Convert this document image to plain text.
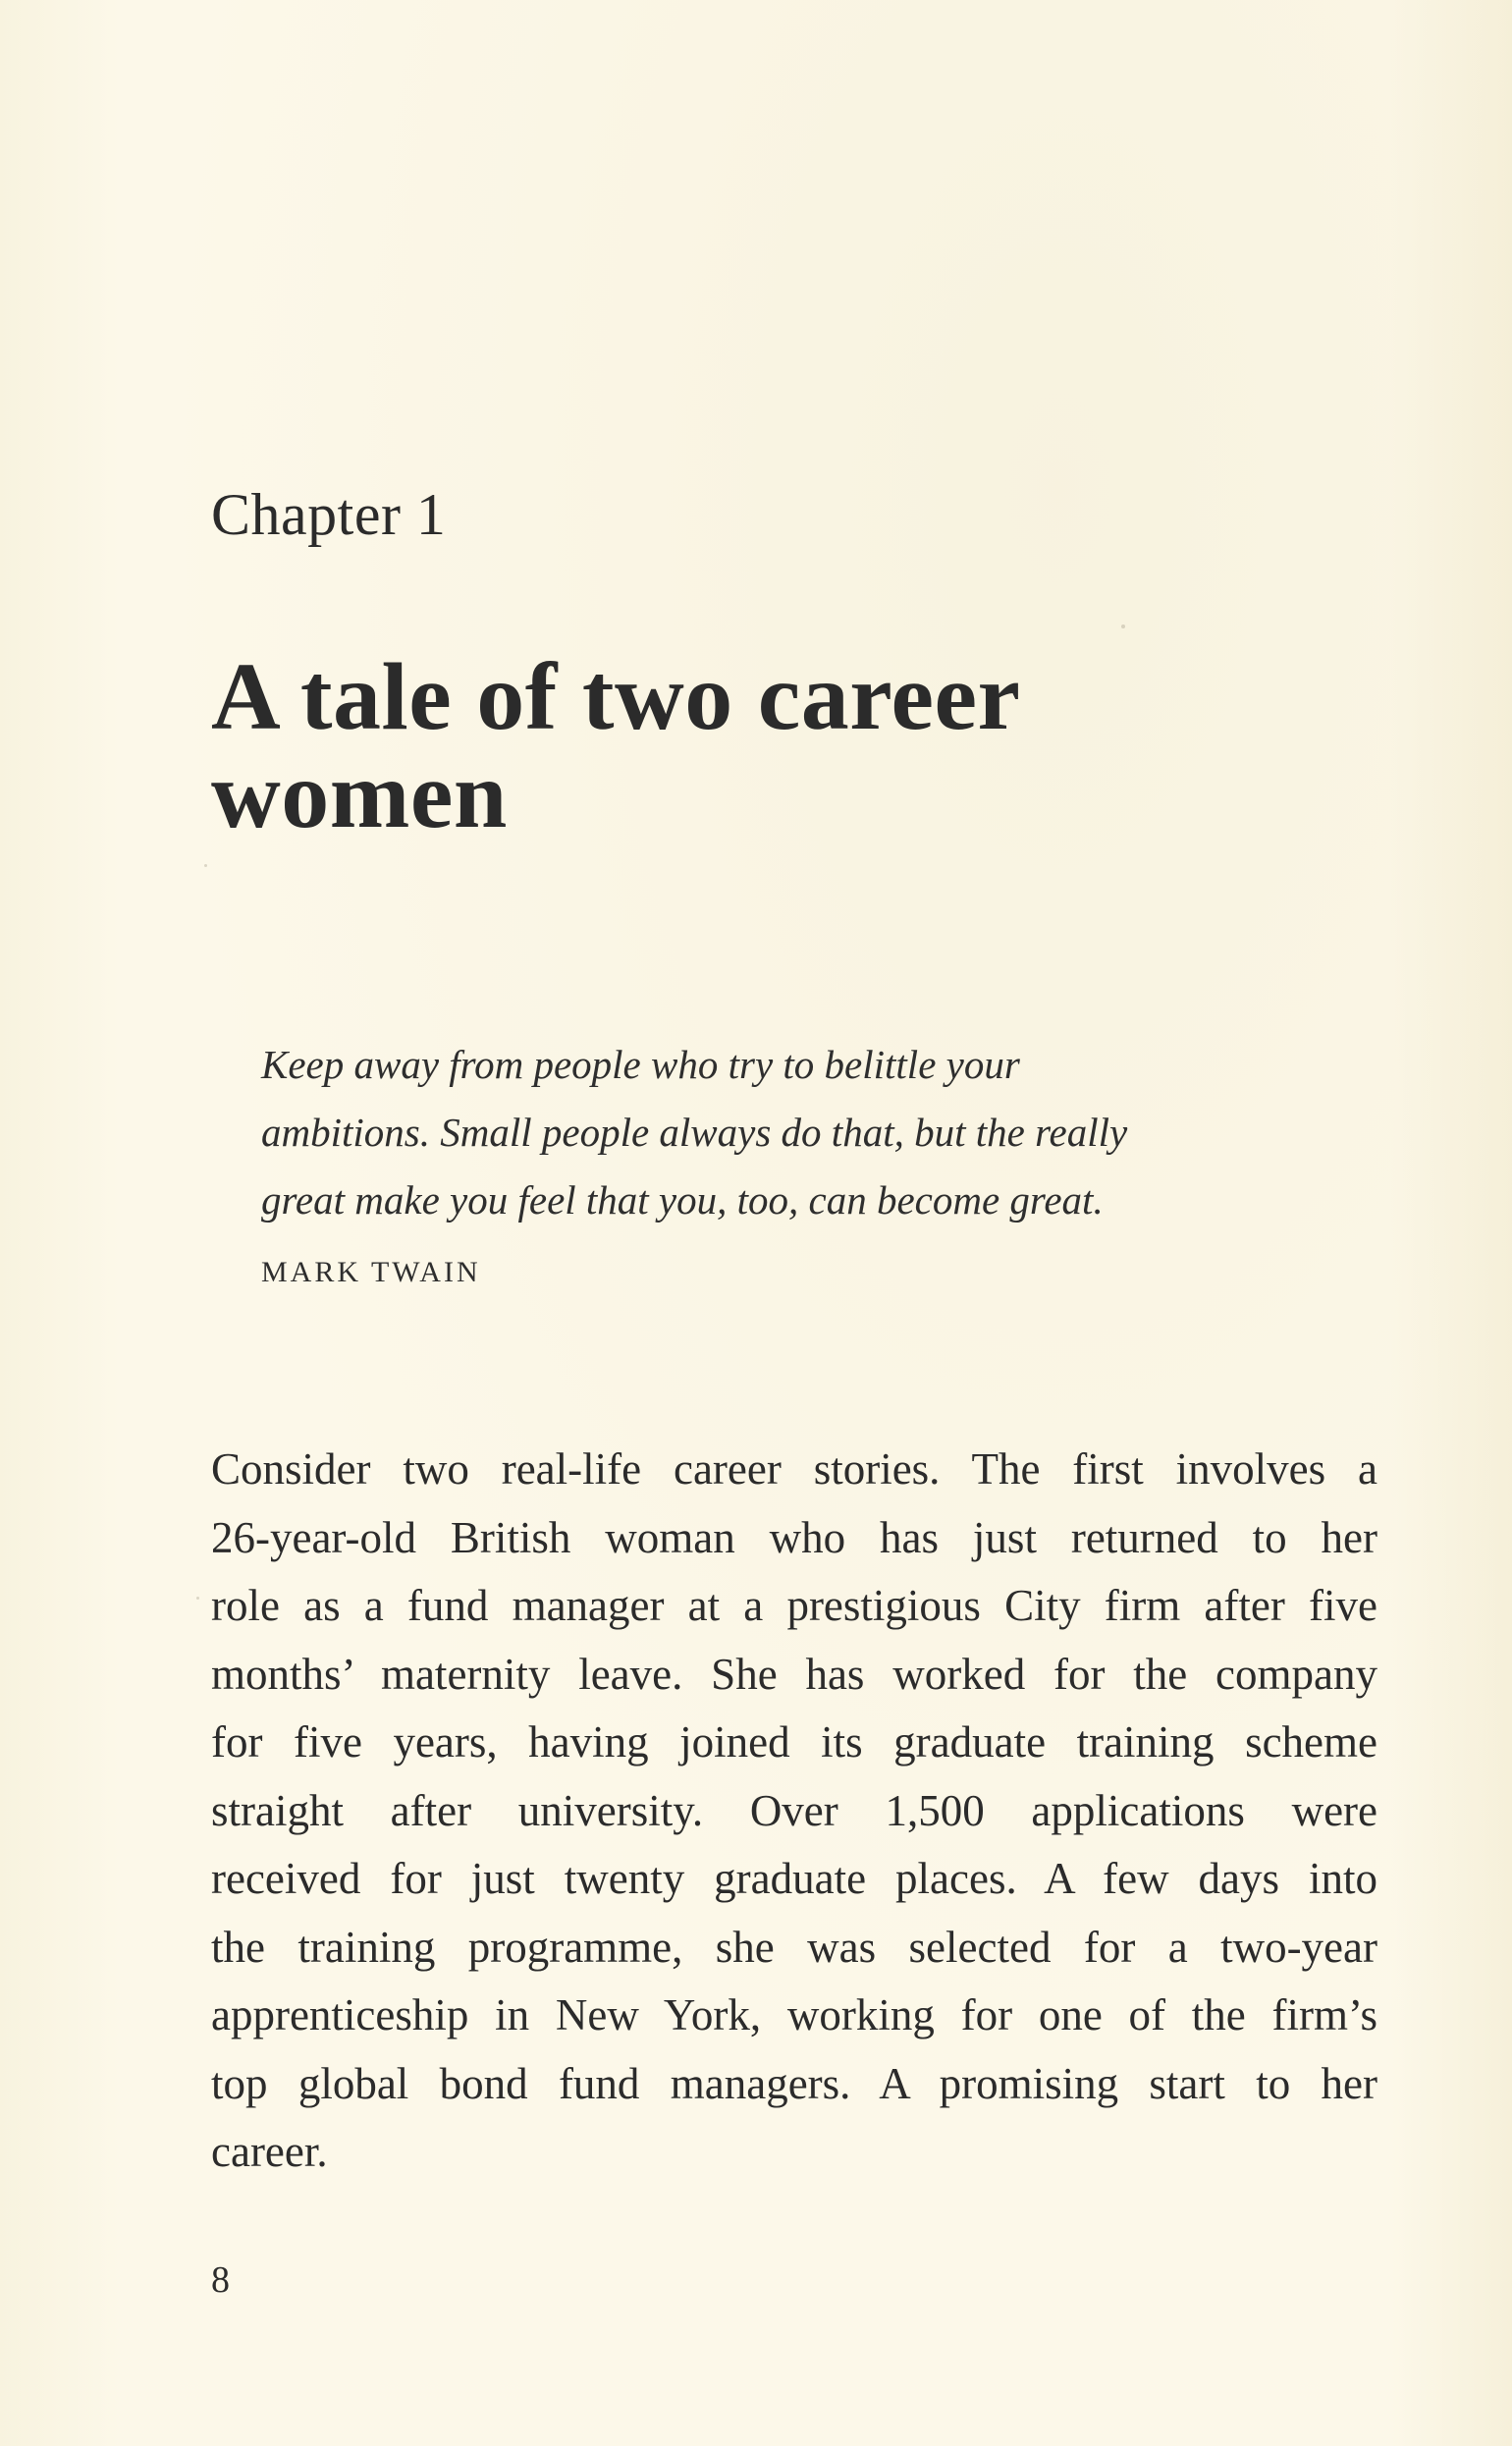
Chapter 1
A tale of two career women

Keep away from people who try to belittle your
ambitions. Small people always do that, but the really
great make you feel that you, too, can become great.

MARK TWAIN
Consider two real-life career stories. The first involves a
26-year-old British woman who has just returned to her
role as a fund manager at a prestigious City firm after five
months’ maternity leave. She has worked for the company
for five years, having joined its graduate training scheme
straight after university. Over 1,500 applications were
received for just twenty graduate places. A few days into
the training programme, she was selected for a two-year
apprenticeship in New York, working for one of the firm’s
top global bond fund managers. A promising start to her
career.
8
